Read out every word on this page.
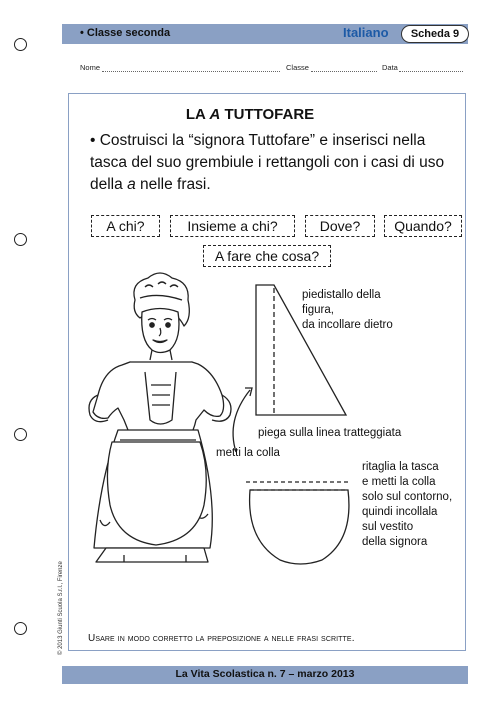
• Classe seconda	Italiano	Scheda 9
Nome	Classe	Data
LA A TUTTOFARE
• Costruisci la “signora Tuttofare” e inserisci nella tasca del suo grembiule i rettangoli con i casi di uso della a nelle frasi.
A chi?	Insieme a chi?	Dove?	Quando?
A fare che cosa?
piedistallo della
figura,
da incollare dietro
piega sulla linea tratteggiata
metti la colla
ritaglia la tasca
e metti la colla
solo sul contorno,
quindi incollala
sul vestito
della signora
Usare in modo corretto la preposizione a nelle frasi scritte.
© 2013 Giunti Scuola S.r.l., Firenze
La Vita Scolastica n. 7 – marzo 2013
